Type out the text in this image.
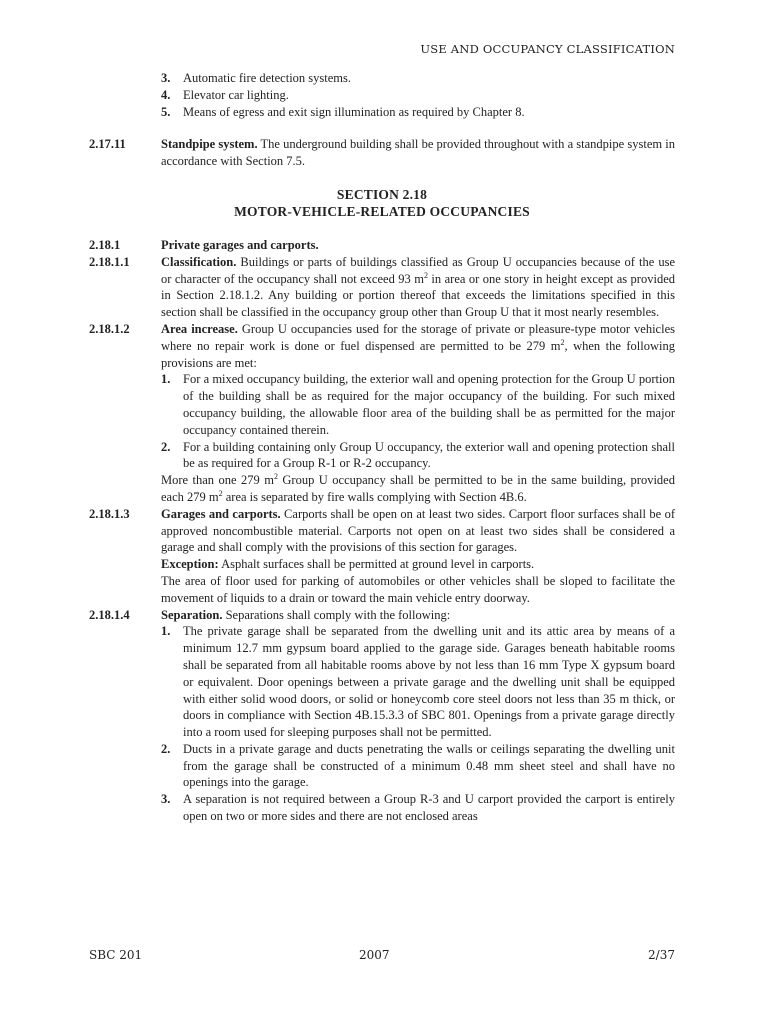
USE AND OCCUPANCY CLASSIFICATION
3. Automatic fire detection systems.
4. Elevator car lighting.
5. Means of egress and exit sign illumination as required by Chapter 8.
2.17.11	Standpipe system. The underground building shall be provided throughout with a standpipe system in accordance with Section 7.5.
SECTION 2.18
MOTOR-VEHICLE-RELATED OCCUPANCIES
2.18.1	Private garages and carports.
2.18.1.1	Classification. Buildings or parts of buildings classified as Group U occupancies because of the use or character of the occupancy shall not exceed 93 $m^2$ in area or one story in height except as provided in Section 2.18.1.2. Any building or portion thereof that exceeds the limitations specified in this section shall be classified in the occupancy group other than Group U that it most nearly resembles.
2.18.1.2	Area increase. Group U occupancies used for the storage of private or pleasure-type motor vehicles where no repair work is done or fuel dispensed are permitted to be 279 $m^2$, when the following provisions are met:
1. For a mixed occupancy building, the exterior wall and opening protection for the Group U portion of the building shall be as required for the major occupancy of the building. For such mixed occupancy building, the allowable floor area of the building shall be as permitted for the major occupancy contained therein.
2. For a building containing only Group U occupancy, the exterior wall and opening protection shall be as required for a Group R-1 or R-2 occupancy.
More than one 279 $m^2$ Group U occupancy shall be permitted to be in the same building, provided each 279 $m^2$ area is separated by fire walls complying with Section 4B.6.
2.18.1.3	Garages and carports. Carports shall be open on at least two sides. Carport floor surfaces shall be of approved noncombustible material. Carports not open on at least two sides shall be considered a garage and shall comply with the provisions of this section for garages.
Exception: Asphalt surfaces shall be permitted at ground level in carports.
The area of floor used for parking of automobiles or other vehicles shall be sloped to facilitate the movement of liquids to a drain or toward the main vehicle entry doorway.
2.18.1.4	Separation. Separations shall comply with the following:
1. The private garage shall be separated from the dwelling unit and its attic area by means of a minimum 12.7 mm gypsum board applied to the garage side. Garages beneath habitable rooms shall be separated from all habitable rooms above by not less than 16 mm Type X gypsum board or equivalent. Door openings between a private garage and the dwelling unit shall be equipped with either solid wood doors, or solid or honeycomb core steel doors not less than 35 m thick, or doors in compliance with Section 4B.15.3.3 of SBC 801. Openings from a private garage directly into a room used for sleeping purposes shall not be permitted.
2. Ducts in a private garage and ducts penetrating the walls or ceilings separating the dwelling unit from the garage shall be constructed of a minimum 0.48 mm sheet steel and shall have no openings into the garage.
3. A separation is not required between a Group R-3 and U carport provided the carport is entirely open on two or more sides and there are not enclosed areas
SBC 201	2007	2/37
